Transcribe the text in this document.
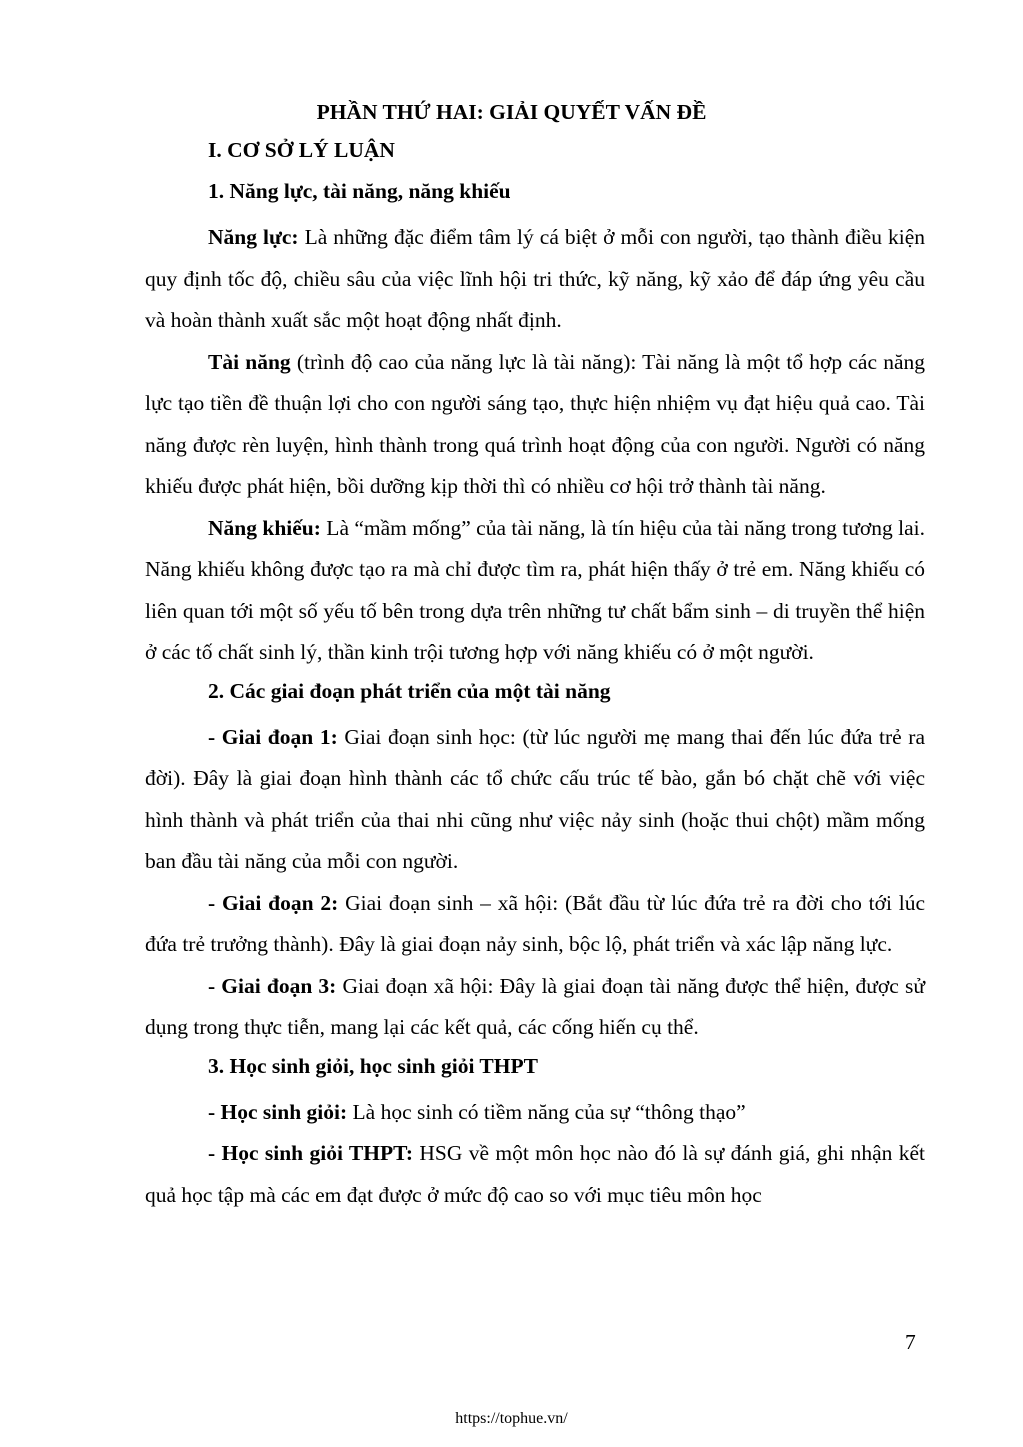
PHẦN THỨ HAI: GIẢI QUYẾT VẤN ĐỀ
I. CƠ SỞ LÝ LUẬN
1. Năng lực, tài năng, năng khiếu

Năng lực: Là những đặc điểm tâm lý cá biệt ở mỗi con người, tạo thành điều kiện quy định tốc độ, chiều sâu của việc lĩnh hội tri thức, kỹ năng, kỹ xảo để đáp ứng yêu cầu và hoàn thành xuất sắc một hoạt động nhất định.

Tài năng (trình độ cao của năng lực là tài năng): Tài năng là một tổ hợp các năng lực tạo tiền đề thuận lợi cho con người sáng tạo, thực hiện nhiệm vụ đạt hiệu quả cao. Tài năng được rèn luyện, hình thành trong quá trình hoạt động của con người. Người có năng khiếu được phát hiện, bồi dưỡng kịp thời thì có nhiều cơ hội trở thành tài năng.

Năng khiếu: Là “mầm mống” của tài năng, là tín hiệu của tài năng trong tương lai. Năng khiếu không được tạo ra mà chỉ được tìm ra, phát hiện thấy ở trẻ em. Năng khiếu có liên quan tới một số yếu tố bên trong dựa trên những tư chất bẩm sinh – di truyền thể hiện ở các tố chất sinh lý, thần kinh trội tương hợp với năng khiếu có ở một người.

2. Các giai đoạn phát triển của một tài năng

- Giai đoạn 1: Giai đoạn sinh học: (từ lúc người mẹ mang thai đến lúc đứa trẻ ra đời). Đây là giai đoạn hình thành các tổ chức cấu trúc tế bào, gắn bó chặt chẽ với việc hình thành và phát triển của thai nhi cũng như việc nảy sinh (hoặc thui chột) mầm mống ban đầu tài năng của mỗi con người.

- Giai đoạn 2: Giai đoạn sinh – xã hội: (Bắt đầu từ lúc đứa trẻ ra đời cho tới lúc đứa trẻ trưởng thành). Đây là giai đoạn nảy sinh, bộc lộ, phát triển và xác lập năng lực.

- Giai đoạn 3: Giai đoạn xã hội: Đây là giai đoạn tài năng được thể hiện, được sử dụng trong thực tiễn, mang lại các kết quả, các cống hiến cụ thể.

3. Học sinh giỏi, học sinh giỏi THPT

- Học sinh giỏi: Là học sinh có tiềm năng của sự “thông thạo”

- Học sinh giỏi THPT: HSG về một môn học nào đó là sự đánh giá, ghi nhận kết quả học tập mà các em đạt được ở mức độ cao so với mục tiêu môn học

7
https://tophue.vn/
